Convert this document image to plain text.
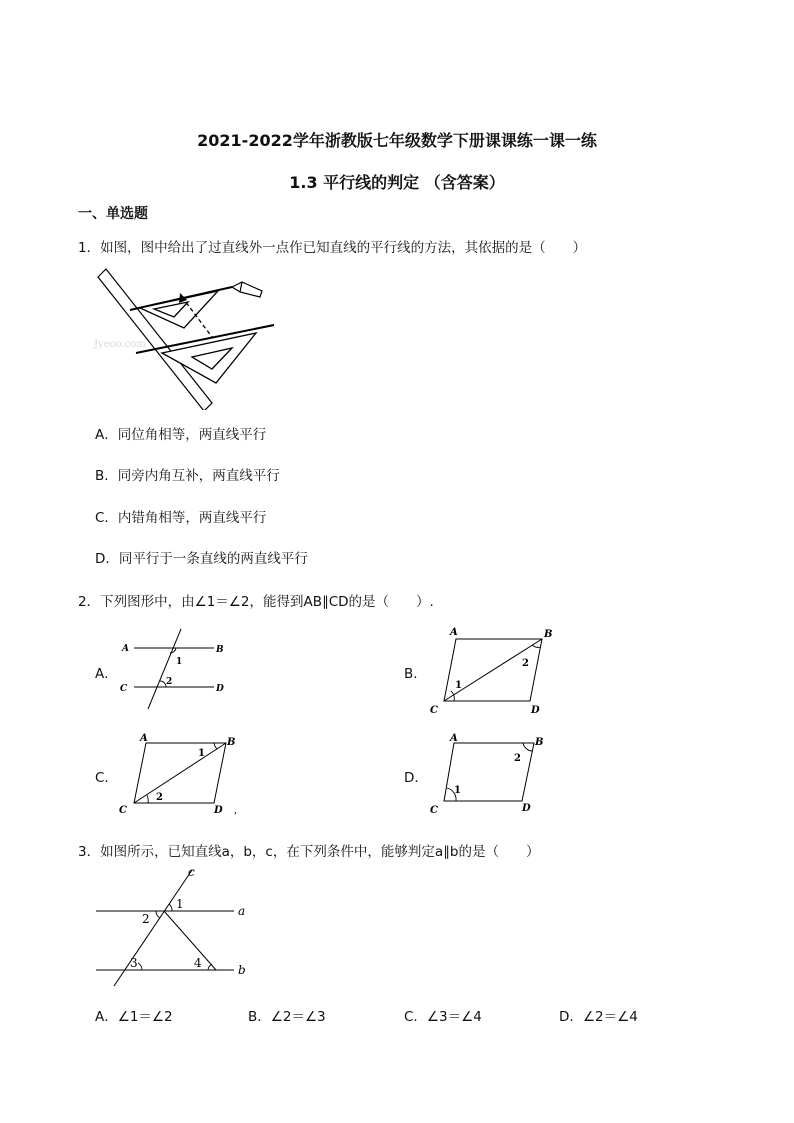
2021-2022学年浙教版七年级数学下册课课练一课一练
1.3 平行线的判定 （含答案）
一、单选题
1．如图，图中给出了过直线外一点作已知直线的平行线的方法，其依据的是（　　）
Jyeoo.com
A．同位角相等，两直线平行
B．同旁内角互补，两直线平行
C．内错角相等，两直线平行
D．同平行于一条直线的两直线平行
2．下列图形中，由∠1＝∠2，能得到AB∥CD的是（　　）.
A．
A	B
C	D
1
2	B．
A	B
C	D
1
2
C．
A	B
C	D
1
2
,
D．
A	B
C	D
1
2
3．如图所示，已知直线a，b，c，在下列条件中，能够判定a∥b的是（　　）
c
a
b
1
2
3	4
A．∠1＝∠2	B．∠2＝∠3	C．∠3＝∠4	D．∠2＝∠4
